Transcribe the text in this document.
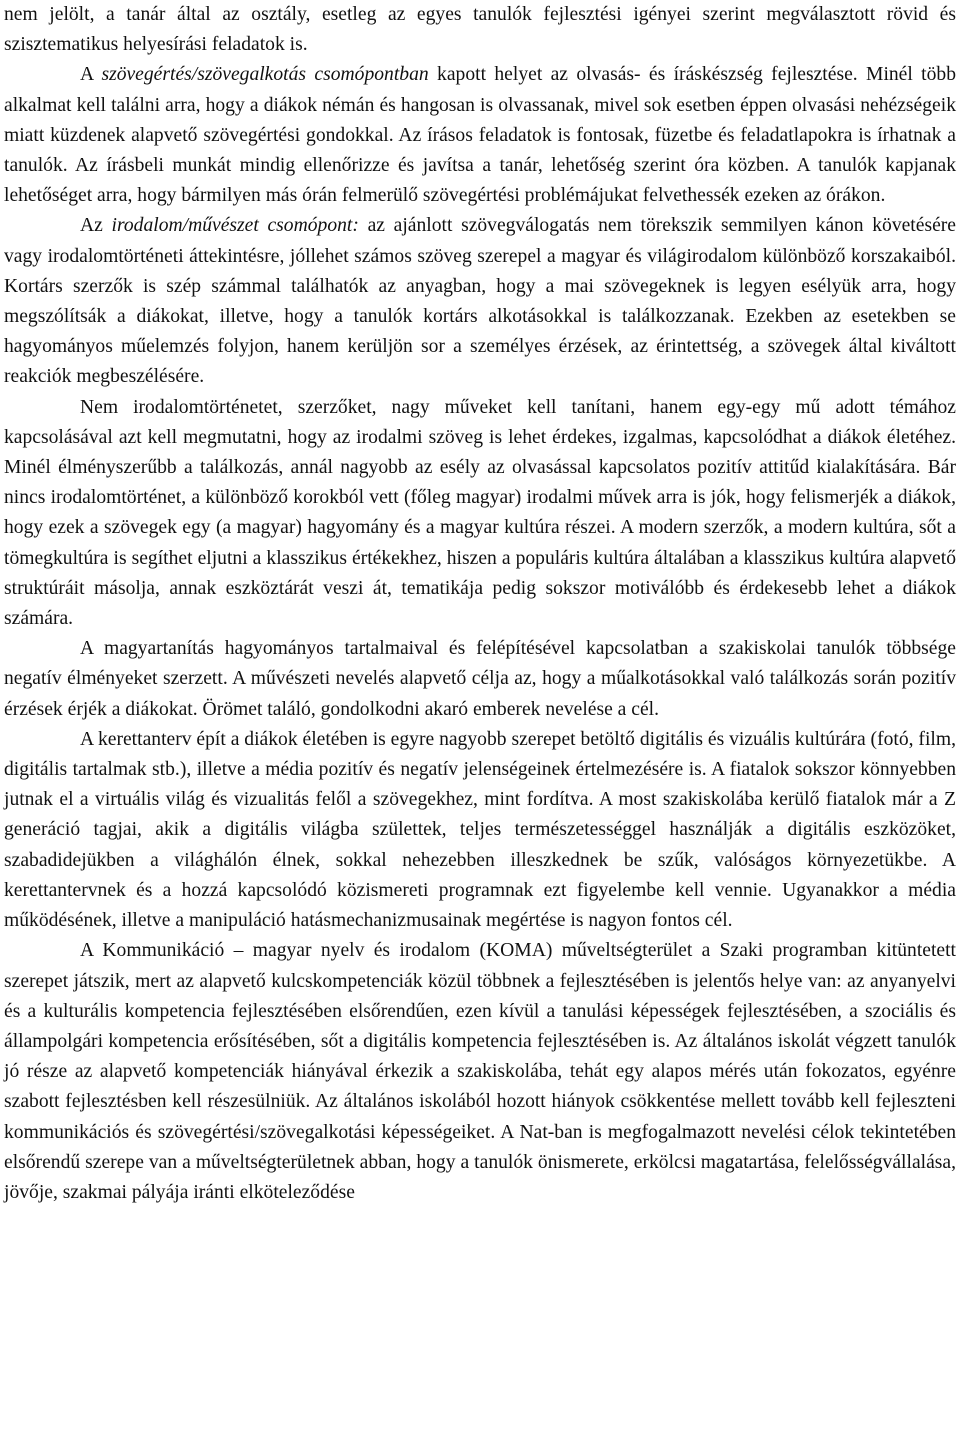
nem jelölt, a tanár által az osztály, esetleg az egyes tanulók fejlesztési igényei szerint megválasztott rövid és szisztematikus helyesírási feladatok is.

A szövegértés/szövegalkotás csomópontban kapott helyet az olvasás- és íráskészség fejlesztése. Minél több alkalmat kell találni arra, hogy a diákok némán és hangosan is olvassanak, mivel sok esetben éppen olvasási nehézségeik miatt küzdenek alapvető szövegértési gondokkal. Az írásos feladatok is fontosak, füzetbe és feladatlapokra is írhatnak a tanulók. Az írásbeli munkát mindig ellenőrizze és javítsa a tanár, lehetőség szerint óra közben. A tanulók kapjanak lehetőséget arra, hogy bármilyen más órán felmerülő szövegértési problémájukat felvethessék ezeken az órákon.

Az irodalom/művészet csomópont: az ajánlott szövegválogatás nem törekszik semmilyen kánon követésére vagy irodalomtörténeti áttekintésre, jóllehet számos szöveg szerepel a magyar és világirodalom különböző korszakaiból. Kortárs szerzők is szép számmal találhatók az anyagban, hogy a mai szövegeknek is legyen esélyük arra, hogy megszólítsák a diákokat, illetve, hogy a tanulók kortárs alkotásokkal is találkozzanak. Ezekben az esetekben se hagyományos műelemzés folyjon, hanem kerüljön sor a személyes érzések, az érintettség, a szövegek által kiváltott reakciók megbeszélésére.

Nem irodalomtörténetet, szerzőket, nagy műveket kell tanítani, hanem egy-egy mű adott témához kapcsolásával azt kell megmutatni, hogy az irodalmi szöveg is lehet érdekes, izgalmas, kapcsolódhat a diákok életéhez. Minél élményszerűbb a találkozás, annál nagyobb az esély az olvasással kapcsolatos pozitív attitűd kialakítására. Bár nincs irodalomtörténet, a különböző korokból vett (főleg magyar) irodalmi művek arra is jók, hogy felismerjék a diákok, hogy ezek a szövegek egy (a magyar) hagyomány és a magyar kultúra részei. A modern szerzők, a modern kultúra, sőt a tömegkultúra is segíthet eljutni a klasszikus értékekhez, hiszen a populáris kultúra általában a klasszikus kultúra alapvető struktúráit másolja, annak eszköztárát veszi át, tematikája pedig sokszor motiválóbb és érdekesebb lehet a diákok számára.

A magyartanítás hagyományos tartalmaival és felépítésével kapcsolatban a szakiskolai tanulók többsége negatív élményeket szerzett. A művészeti nevelés alapvető célja az, hogy a műalkotásokkal való találkozás során pozitív érzések érjék a diákokat. Örömet találó, gondolkodni akaró emberek nevelése a cél.

A kerettanterv épít a diákok életében is egyre nagyobb szerepet betöltő digitális és vizuális kultúrára (fotó, film, digitális tartalmak stb.), illetve a média pozitív és negatív jelenségeinek értelmezésére is. A fiatalok sokszor könnyebben jutnak el a virtuális világ és vizualitás felől a szövegekhez, mint fordítva. A most szakiskolába kerülő fiatalok már a Z generáció tagjai, akik a digitális világba születtek, teljes természetességgel használják a digitális eszközöket, szabadidejükben a világhálón élnek, sokkal nehezebben illeszkednek be szűk, valóságos környezetükbe. A kerettantervnek és a hozzá kapcsolódó közismereti programnak ezt figyelembe kell vennie. Ugyanakkor a média működésének, illetve a manipuláció hatásmechanizmusainak megértése is nagyon fontos cél.

A Kommunikáció – magyar nyelv és irodalom (KOMA) műveltségterület a Szaki programban kitüntetett szerepet játszik, mert az alapvető kulcskompetenciák közül többnek a fejlesztésében is jelentős helye van: az anyanyelvi és a kulturális kompetencia fejlesztésében elsőrendűen, ezen kívül a tanulási képességek fejlesztésében, a szociális és állampolgári kompetencia erősítésében, sőt a digitális kompetencia fejlesztésében is. Az általános iskolát végzett tanulók jó része az alapvető kompetenciák hiányával érkezik a szakiskolába, tehát egy alapos mérés után fokozatos, egyénre szabott fejlesztésben kell részesülniük. Az általános iskolából hozott hiányok csökkentése mellett tovább kell fejleszteni kommunikációs és szövegértési/szövegalkotási képességeiket. A Nat-ban is megfogalmazott nevelési célok tekintetében elsőrendű szerepe van a műveltségterületnek abban, hogy a tanulók önismerete, erkölcsi magatartása, felelősségvállalása, jövője, szakmai pályája iránti elköteleződése
